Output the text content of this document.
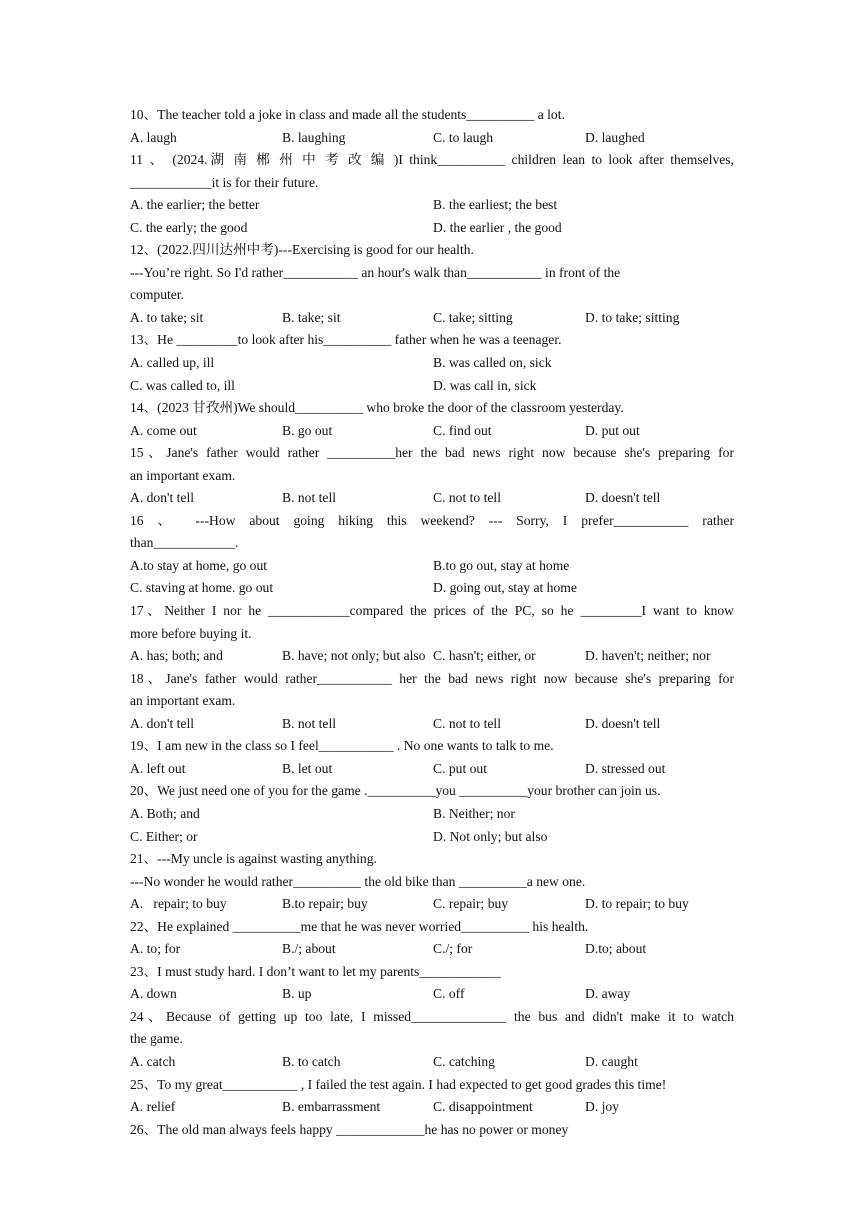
10、The teacher told a joke in class and made all the students__________ a lot.
A. laugh	B. laughing	C. to laugh	D. laughed
11 、 (2024.湖 南 郴 州 中 考 改 编 )I think__________ children lean to look after themselves,
____________it is for their future.
A. the earlier; the better	B. the earliest; the best
C. the early; the good	D. the earlier , the good
12、(2022.四川达州中考)---Exercising is good for our health.
---You’re right. So I'd rather___________ an hour's walk than___________ in front of the
computer.
A. to take; sit	B. take; sit	C. take; sitting	D. to take; sitting
13、He _________to look after his__________ father when he was a teenager.
A. called up, ill	B. was called on, sick
C. was called to, ill	D. was call in, sick
14、(2023 甘孜州)We should__________ who broke the door of the classroom yesterday.
A. come out	B. go out	C. find out	D. put out
15、Jane's father would rather __________her the bad news right now because she's preparing for
an important exam.
A. don't tell	B. not tell	C. not to tell	D. doesn't tell
16 、 ---How about going hiking this weekend? --- Sorry, I prefer___________ rather
than____________.
A.to stay at home, go out	B.to go out, stay at home
C. staving at home. go out	D. going out, stay at home
17、Neither I nor he ____________compared the prices of the PC, so he _________I want to know
more before buying it.
A. has; both; and	B. have; not only; but also C. hasn't; either, or	D. haven't; neither; nor
18、Jane's father would rather___________ her the bad news right now because she's preparing for
an important exam.
A. don't tell	B. not tell	C. not to tell	D. doesn't tell
19、I am new in the class so I feel___________ . No one wants to talk to me.
A. left out	B. let out	C. put out	D. stressed out
20、We just need one of you for the game .__________you __________your brother can join us.
A. Both; and	B. Neither; nor
C. Either; or	D. Not only; but also
21、---My uncle is against wasting anything.
---No wonder he would rather__________ the old bike than __________a new one.
A.   repair; to buy	B.to repair; buy	C. repair; buy	D. to repair; to buy
22、He explained __________me that he was never worried__________ his health.
A. to; for	B./; about	C./; for	D.to; about
23、I must study hard. I don’t want to let my parents____________
A. down	B. up	C. off	D. away
24、Because of getting up too late, I missed______________ the bus and didn't make it to watch
the game.
A. catch	B. to catch	C. catching	D. caught
25、To my great___________ , I failed the test again. I had expected to get good grades this time!
A. relief	B. embarrassment	C. disappointment	D. joy
26、The old man always feels happy _____________he has no power or money
